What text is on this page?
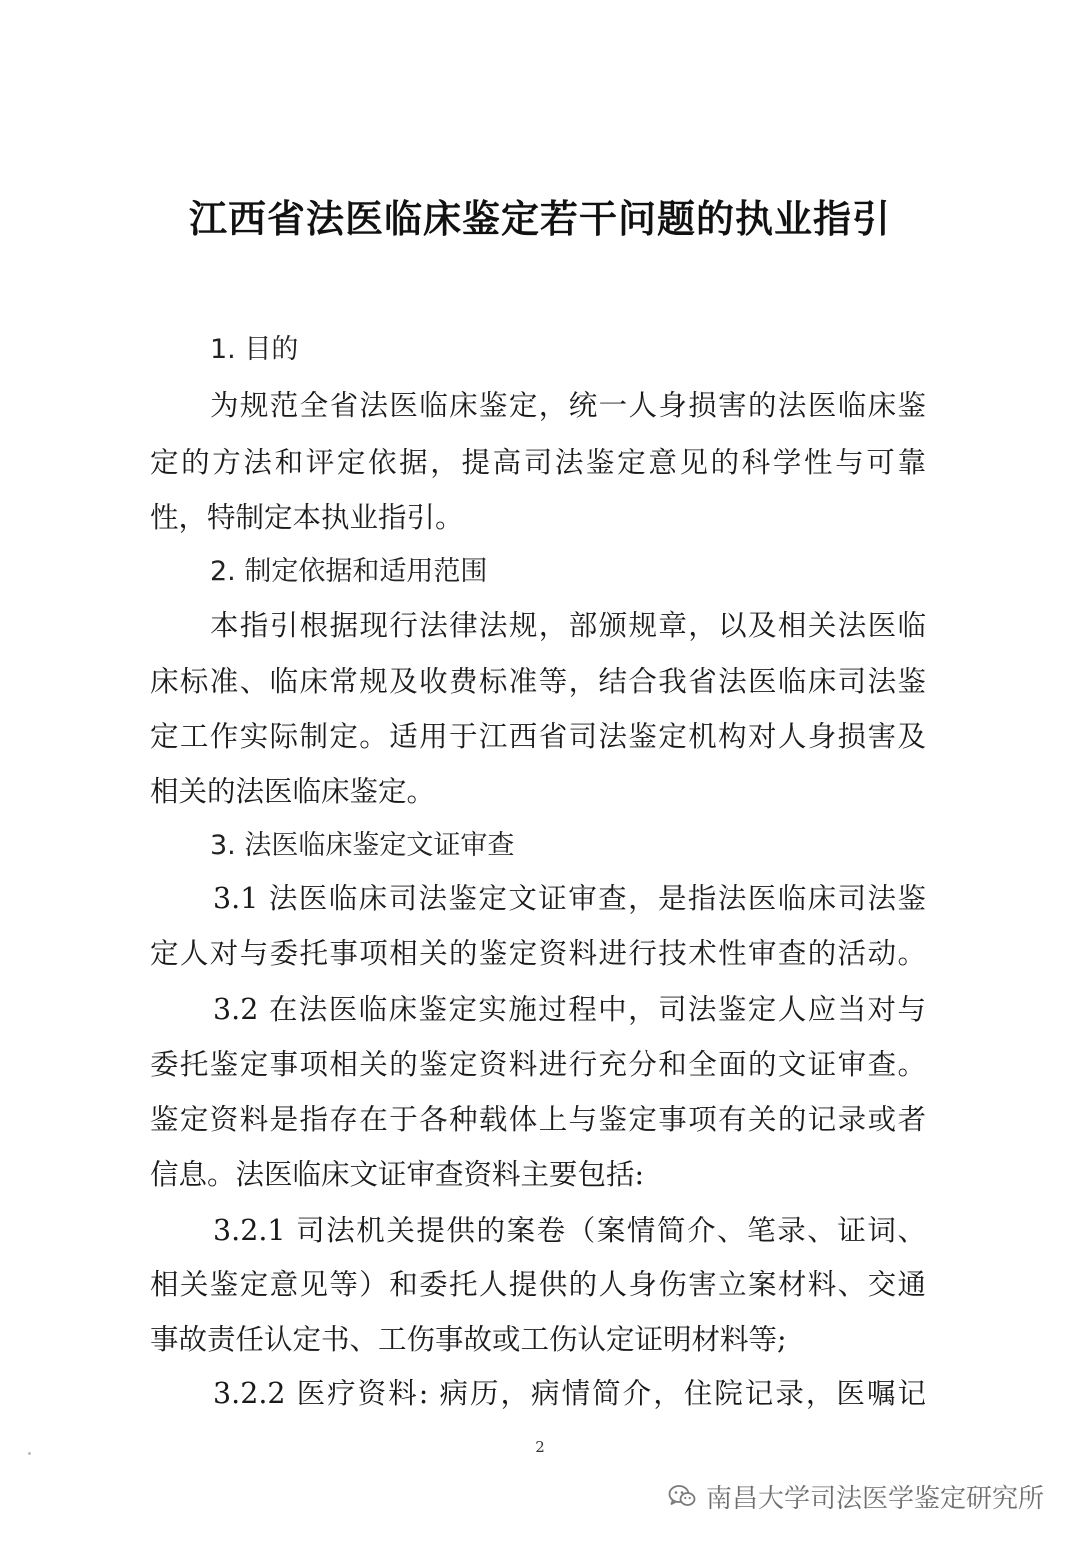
江西省法医临床鉴定若干问题的执业指引
1. 目的
为规范全省法医临床鉴定，统一人身损害的法医临床鉴
定的方法和评定依据，提高司法鉴定意见的科学性与可靠
性，特制定本执业指引。
2. 制定依据和适用范围
本指引根据现行法律法规，部颁规章，以及相关法医临
床标准、临床常规及收费标准等，结合我省法医临床司法鉴
定工作实际制定。适用于江西省司法鉴定机构对人身损害及
相关的法医临床鉴定。
3. 法医临床鉴定文证审查
3.1 法医临床司法鉴定文证审查，是指法医临床司法鉴
定人对与委托事项相关的鉴定资料进行技术性审查的活动。
3.2 在法医临床鉴定实施过程中，司法鉴定人应当对与
委托鉴定事项相关的鉴定资料进行充分和全面的文证审查。
鉴定资料是指存在于各种载体上与鉴定事项有关的记录或者
信息。法医临床文证审查资料主要包括:
3.2.1 司法机关提供的案卷（案情简介、笔录、证词、
相关鉴定意见等）和委托人提供的人身伤害立案材料、交通
事故责任认定书、工伤事故或工伤认定证明材料等;
3.2.2 医疗资料: 病历，病情简介，住院记录，医嘱记
2
南昌大学司法医学鉴定研究所
